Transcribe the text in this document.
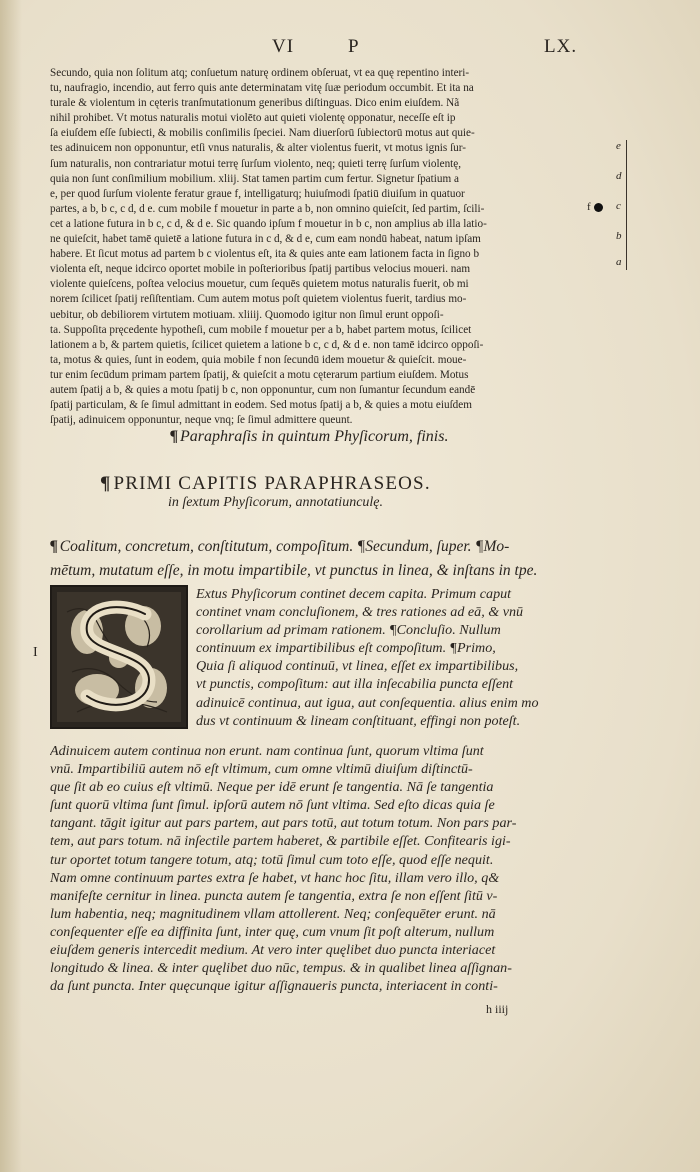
VI	P	LX.
Secundo, quia non ſolitum atq; conſuetum naturę ordinem obſeruat, vt ea quę repentino interi-
tu, naufragio, incendio, aut ferro quis ante determinatam vitę ſuæ periodum occumbit. Et ita na
turale & violentum in cęteris tranſmutationum generibus diſtinguas. Dico enim eiuſdem. Nã
nihil prohibet. Vt motus naturalis motui violēto aut quieti violentę opponatur, neceſſe eſt ip
ſa eiuſdem eſſe ſubiecti, & mobilis conſimilis ſpeciei. Nam diuerſorū ſubiectorū motus aut quie-
tes adinuicem non opponuntur, etſi vnus naturalis, & alter violentus fuerit, vt motus ignis ſur-
ſum naturalis, non contrariatur motui terrę ſurſum violento, neq; quieti terrę ſurſum violentę,
quia non ſunt conſimilium mobilium. xliij. Stat tamen partim cum fertur. Signetur ſpatium a
e, per quod ſurſum violente feratur graue f, intelligaturq; huiuſmodi ſpatiū diuiſum in quatuor
partes, a b, b c, c d, d e. cum mobile f mouetur in parte a b, non omnino quieſcit, ſed partim, ſcili-
cet a latione futura in b c, c d, & d e. Sic quando ipſum f mouetur in b c, non amplius ab illa latio-
ne quieſcit, habet tamē quietē a latione futura in c d, & d e, cum eam nondū habeat, natum ipſam
habere. Et ſicut motus ad partem b c violentus eſt, ita & quies ante eam lationem facta in ſigno b
violenta eſt, neque idcirco oportet mobile in poſterioribus ſpatij partibus velocius moueri. nam
violente quieſcens, poſtea velocius mouetur, cum ſequēs quietem motus naturalis fuerit, ob mi
norem ſcilicet ſpatij reſiſtentiam. Cum autem motus poſt quietem violentus fuerit, tardius mo-
uebitur, ob debiliorem virtutem motiuam. xliiij. Quomodo igitur non ſimul erunt oppoſi-
ta. Suppoſita pręcedente hypotheſi, cum mobile f mouetur per a b, habet partem motus, ſcilicet
lationem a b, & partem quietis, ſcilicet quietem a latione b c, c d, & d e. non tamē idcirco oppoſi-
ta, motus & quies, ſunt in eodem, quia mobile f non ſecundū idem mouetur & quieſcit. moue-
tur enim ſecūdum primam partem ſpatij, & quieſcit a motu cęterarum partium eiuſdem. Motus
autem ſpatij a b, & quies a motu ſpatij b c, non opponuntur, cum non ſumantur ſecundum eandē
ſpatij particulam, & ſe ſimul admittant in eodem. Sed motus ſpatij a b, & quies a motu eiuſdem
ſpatij, adinuicem opponuntur, neque vnq; ſe ſimul admittere queunt.
e
d
c
b
a
f
¶ Paraphraſis in quintum Phyſicorum, finis.
¶ PRIMI CAPITIS PARAPHRASEOS.
in ſextum Phyſicorum, annotatiunculę.
¶ Coalitum, concretum, conſtitutum, compoſitum. ¶Secundum, ſuper. ¶Mo-
mētum, mutatum eſſe, in motu impartibile, vt punctus in linea, & inſtans in tpe.
I
S	Extus Phyſicorum continet decem capita. Primum caput
continet vnam concluſionem, & tres rationes ad eā, & vnū
corollarium ad primam rationem. ¶Concluſio. Nullum
continuum ex impartibilibus eſt compoſitum. ¶Primo,
Quia ſi aliquod continuū, vt linea, eſſet ex impartibilibus,
vt punctis, compoſitum: aut illa inſecabilia puncta eſſent
adinuicē continua, aut igua, aut conſequentia. alius enim mo
dus vt continuum & lineam conſtituant, effingi non poteſt.
Adinuicem autem continua non erunt. nam continua ſunt, quorum vltima ſunt
vnū. Impartibiliū autem nō eſt vltimum, cum omne vltimū diuiſum diſtinctū-
que ſit ab eo cuius eſt vltimū. Neque per idē erunt ſe tangentia. Nā ſe tangentia
ſunt quorū vltima ſunt ſimul. ipſorū autem nō ſunt vltima. Sed eſto dicas quia ſe
tangant. tāgit igitur aut pars partem, aut pars totū, aut totum totum. Non pars par-
tem, aut pars totum. nā inſectile partem haberet, & partibile eſſet. Confitearis igi-
tur oportet totum tangere totum, atq; totū ſimul cum toto eſſe, quod eſſe nequit.
Nam omne continuum partes extra ſe habet, vt hanc hoc ſitu, illam vero illo, q&
manifeſte cernitur in linea. puncta autem ſe tangentia, extra ſe non eſſent ſitū v-
lum habentia, neq; magnitudinem vllam attollerent. Neq; conſequēter erunt. nā
conſequenter eſſe ea diffinita ſunt, inter quę, cum vnum ſit poſt alterum, nullum
eiuſdem generis intercedit medium. At vero inter quęlibet duo puncta interiacet
longitudo & linea. & inter quęlibet duo nūc, tempus. & in qualibet linea aſſignan-
da ſunt puncta. Inter quęcunque igitur aſſignaueris puncta, interiacent in conti-
h iiij
